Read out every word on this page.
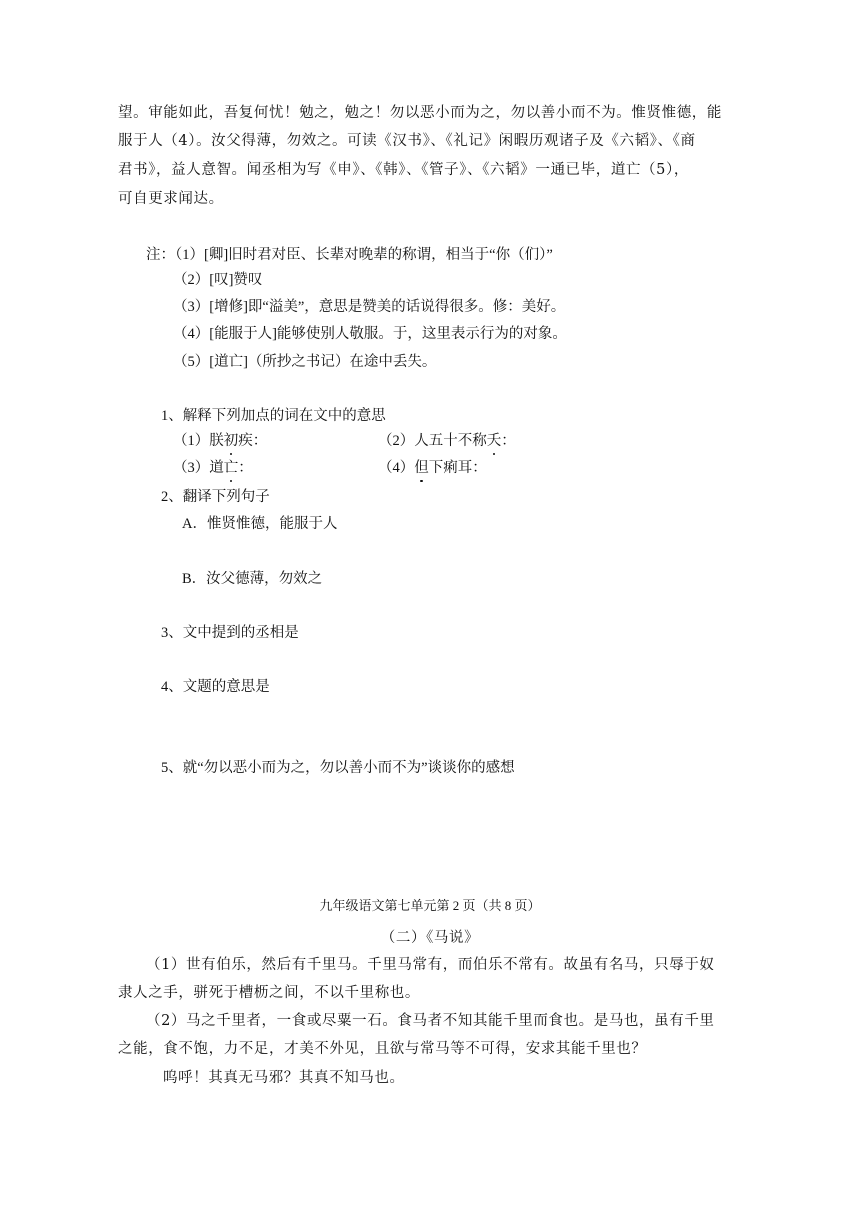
望。审能如此，吾复何忧！勉之，勉之！勿以恶小而为之，勿以善小而不为。惟贤惟德，能
服于人（4）。汝父得薄，勿效之。可读《汉书》、《礼记》闲暇历观诸子及《六韬》、《商
君书》，益人意智。闻丞相为写《申》、《韩》、《管子》、《六韬》一通已毕，道亡（5），
可自更求闻达。
注：（1）[卿]旧时君对臣、长辈对晚辈的称谓，相当于“你（们）”
（2）[叹]赞叹
（3）[增修]即“溢美”，意思是赞美的话说得很多。修：美好。
（4）[能服于人]能够使别人敬服。于，这里表示行为的对象。
（5）[道亡]（所抄之书记）在途中丢失。
1、解释下列加点的词在文中的意思
（1）朕初疾：	（2）人五十不称夭：
（3）道亡：	（4）但下痢耳：
2、翻译下列句子
A．惟贤惟德，能服于人
B．汝父德薄，勿效之
3、文中提到的丞相是
4、文题的意思是
5、就“勿以恶小而为之，勿以善小而不为”谈谈你的感想
九年级语文第七单元第 2 页（共 8 页）
（二）《马说》
（1）世有伯乐，然后有千里马。千里马常有，而伯乐不常有。故虽有名马，只辱于奴
隶人之手，骈死于槽枥之间，不以千里称也。
（2）马之千里者，一食或尽粟一石。食马者不知其能千里而食也。是马也，虽有千里
之能，食不饱，力不足，才美不外见，且欲与常马等不可得，安求其能千里也？
呜呼！其真无马邪？其真不知马也。
